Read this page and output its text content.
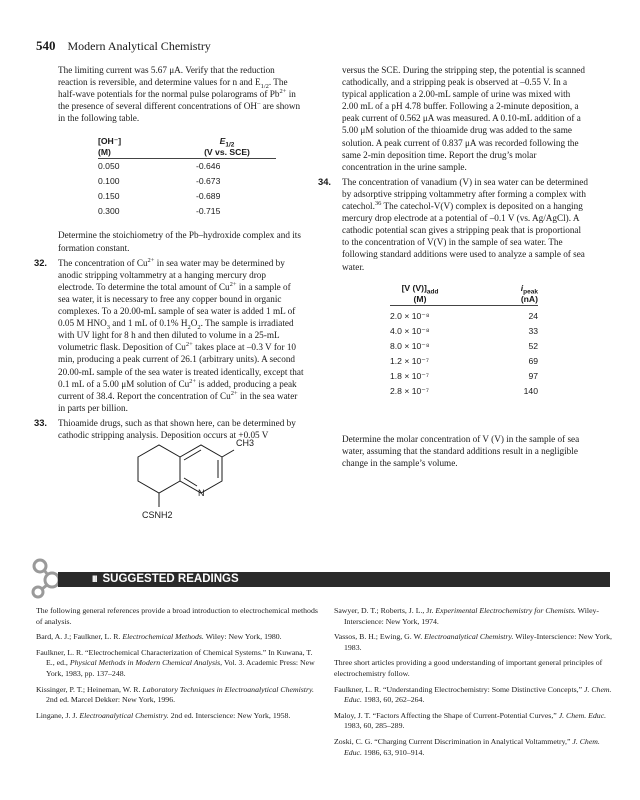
540 Modern Analytical Chemistry

The limiting current was 5.67 μA. Verify that the reduction reaction is reversible, and determine values for n and $E_{1/2}$. The half-wave potentials for the normal pulse polarograms of $Pb^{2+}$ in the presence of several different concentrations of OH– are shown in the following table.

[OH⁻]
(M)	$E_{1/2}$
(V vs. SCE)
0.050	-0.646
0.100	-0.673
0.150	-0.689
0.300	-0.715

Determine the stoichiometry of the Pb–hydroxide complex and its formation constant.

32. The concentration of $Cu^{2+}$ in sea water may be determined by anodic stripping voltammetry at a hanging mercury drop electrode. To determine the total amount of $Cu^{2+}$ in a sample of sea water, it is necessary to free any copper bound in organic complexes. To a 20.00-mL sample of sea water is added 1 mL of 0.05 M $HNO_3$ and 1 mL of 0.1% $H_2O_2$. The sample is irradiated with UV light for 8 h and then diluted to volume in a 25-mL volumetric flask. Deposition of $Cu^{2+}$ takes place at –0.3 V for 10 min, producing a peak current of 26.1 (arbitrary units). A second 20.00-mL sample of the sea water is treated identically, except that 0.1 mL of a 5.00 μM solution of $Cu^{2+}$ is added, producing a peak current of 38.4. Report the concentration of $Cu^{2+}$ in the sea water in parts per billion.
33. Thioamide drugs, such as that shown here, can be determined by cathodic stripping analysis. Deposition occurs at +0.05 V
CH3
N
CSNH2

versus the SCE. During the stripping step, the potential is scanned cathodically, and a stripping peak is observed at –0.55 V. In a typical application a 2.00-mL sample of urine was mixed with 2.00 mL of a pH 4.78 buffer. Following a 2-minute deposition, a peak current of 0.562 μA was measured. A 0.10-mL addition of a 5.00 μM solution of the thioamide drug was added to the same solution. A peak current of 0.837 μA was recorded following the same 2-min deposition time. Report the drug’s molar concentration in the urine sample.

34. The concentration of vanadium (V) in sea water can be determined by adsorptive stripping voltammetry after forming a complex with catechol.$^{36}$ The catechol-V(V) complex is deposited on a hanging mercury drop electrode at a potential of –0.1 V (vs. Ag/AgCl). A cathodic potential scan gives a stripping peak that is proportional to the concentration of V(V) in the sample of sea water. The following standard additions were used to analyze a sample of sea water.
[V $(V)]_{add}$
(M)	$i_{peak}$
(nA)
2.0 × 10⁻⁸	24
4.0 × 10⁻⁸	33
8.0 × 10⁻⁸	52
1.2 × 10⁻⁷	69
1.8 × 10⁻⁷	97
2.8 × 10⁻⁷	140

Determine the molar concentration of V (V) in the sample of sea water, assuming that the standard additions result in a negligible change in the sample’s volume.

III SUGGESTED READINGS

The following general references provide a broad introduction to electrochemical methods of analysis.

Bard, A. J.; Faulkner, L. R. Electrochemical Methods. Wiley: New York, 1980.
Faulkner, L. R. “Electrochemical Characterization of Chemical Systems.” In Kuwana, T. E., ed., Physical Methods in Modern Chemical Analysis, Vol. 3. Academic Press: New York, 1983, pp. 137–248.
Kissinger, P. T.; Heineman, W. R. Laboratory Techniques in Electroanalytical Chemistry. 2nd ed. Marcel Dekker: New York, 1996.
Lingane, J. J. Electroanalytical Chemistry. 2nd ed. Interscience: New York, 1958.
Sawyer, D. T.; Roberts, J. L., Jr. Experimental Electrochemistry for Chemists. Wiley-Interscience: New York, 1974.
Vassos, B. H.; Ewing, G. W. Electroanalytical Chemistry. Wiley-Interscience: New York, 1983.

Three short articles providing a good understanding of important general principles of electrochemistry follow.

Faulkner, L. R. “Understanding Electrochemistry: Some Distinctive Concepts,” J. Chem. Educ. 1983, 60, 262–264.
Maloy, J. T. “Factors Affecting the Shape of Current-Potential Curves,” J. Chem. Educ. 1983, 60, 285–289.
Zoski, C. G. “Charging Current Discrimination in Analytical Voltammetry,” J. Chem. Educ. 1986, 63, 910–914.
